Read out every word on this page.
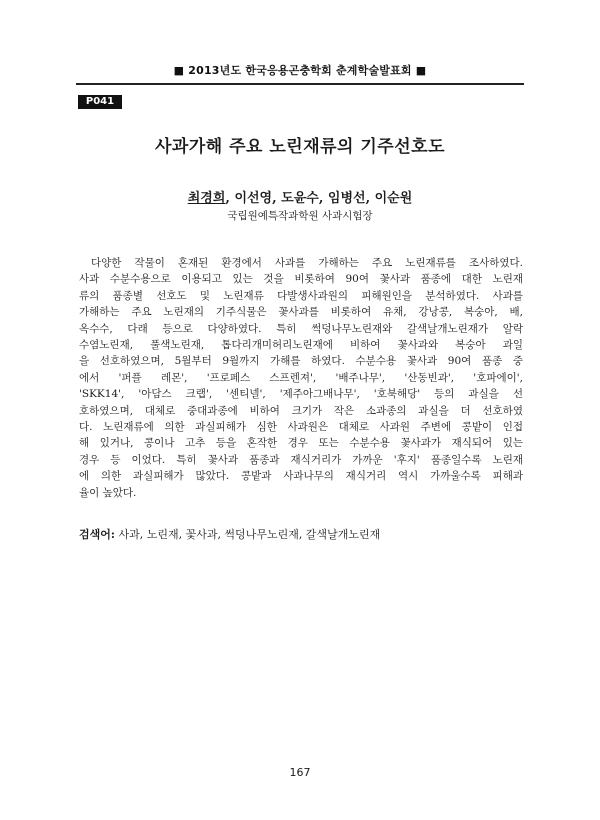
■ 2013년도 한국응용곤충학회 춘계학술발표회 ■
P041
사과가해 주요 노린재류의 기주선호도
최경희, 이선영, 도윤수, 임병선, 이순원
국립원예특작과학원 사과시험장
다양한 작물이 혼재된 환경에서 사과를 가해하는 주요 노린재류를 조사하였다.
사과 수분수용으로 이용되고 있는 것을 비롯하여 90여 꽃사과 품종에 대한 노린재
류의 품종별 선호도 및 노린재류 다발생사과원의 피해원인을 분석하였다. 사과를
가해하는 주요 노린재의 기주식물은 꽃사과를 비롯하여 유채, 강낭콩, 복숭아, 배,
옥수수, 다래 등으로 다양하였다. 특히 썩덩나무노린재와 갈색날개노린재가 알락
수염노린재, 풀색노린재, 톱다리개미허리노린재에 비하여 꽃사과와 복숭아 과일
을 선호하였으며, 5월부터 9월까지 가해를 하였다. 수분수용 꽃사과 90여 품종 중
에서 '퍼플 레몬', '프로페스 스프렌져', '배주나무', '산동빈과', '호파에이',
'SKK14', '아담스 크랩', '센티넬', '제주아그배나무', '호북해당' 등의 과실을 선
호하였으며, 대체로 중대과종에 비하여 크기가 작은 소과종의 과실을 더 선호하였
다. 노린재류에 의한 과실피해가 심한 사과원은 대체로 사과원 주변에 콩밭이 인접
해 있거나, 콩이나 고추 등을 혼작한 경우 또는 수분수용 꽃사과가 재식되어 있는
경우 등 이었다. 특히 꽃사과 품종과 재식거리가 가까운 '후지' 품종일수록 노린재
에 의한 과실피해가 많았다. 콩밭과 사과나무의 재식거리 역시 가까울수록 피해과
율이 높았다.
검색어: 사과, 노린재, 꽃사과, 썩덩나무노린재, 갈색날개노린재
167
